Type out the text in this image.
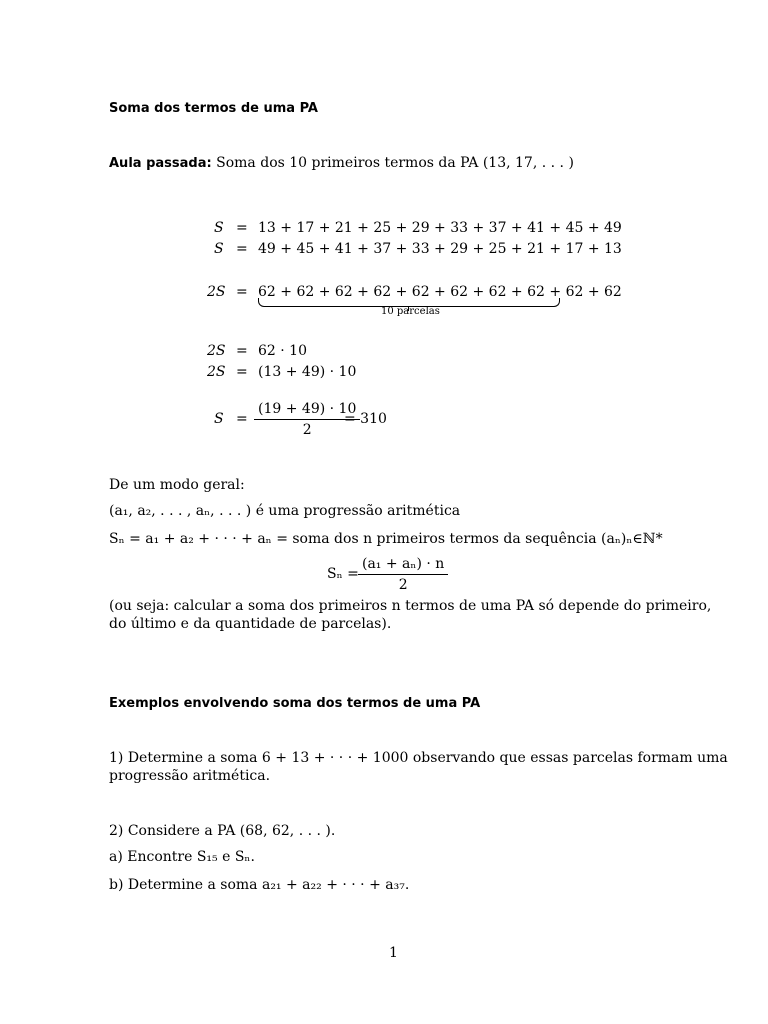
Soma dos termos de uma PA
Aula passada: Soma dos 10 primeiros termos da PA (13, 17, . . . )
S = 13 + 17 + 21 + 25 + 29 + 33 + 37 + 41 + 45 + 49
S = 49 + 45 + 41 + 37 + 33 + 29 + 25 + 21 + 17 + 13
2S = 62 + 62 + 62 + 62 + 62 + 62 + 62 + 62 + 62 + 62
10 parcelas
2S = 62 · 10
2S = (13 + 49) · 10
$S = \frac{(19 + 49) \cdot 10}{2}$
= 310
De um modo geral:
(a₁, a₂, . . . , aₙ, . . . ) é uma progressão aritmética
Sₙ = a₁ + a₂ + · · · + aₙ = soma dos n primeiros termos da sequência (aₙ)ₙ∈ℕ*
$S_n = \frac{\text{(a₁ + aₙ) · n}}{2}$
(ou seja: calcular a soma dos primeiros n termos de uma PA só depende do primeiro,
do último e da quantidade de parcelas).
Exemplos envolvendo soma dos termos de uma PA
1) Determine a soma 6 + 13 + · · · + 1000 observando que essas parcelas formam uma
progressão aritmética.
2) Considere a PA (68, 62, . . . ).
a) Encontre S₁₅ e Sₙ.
b) Determine a soma a₂₁ + a₂₂ + · · · + a₃₇.
1
